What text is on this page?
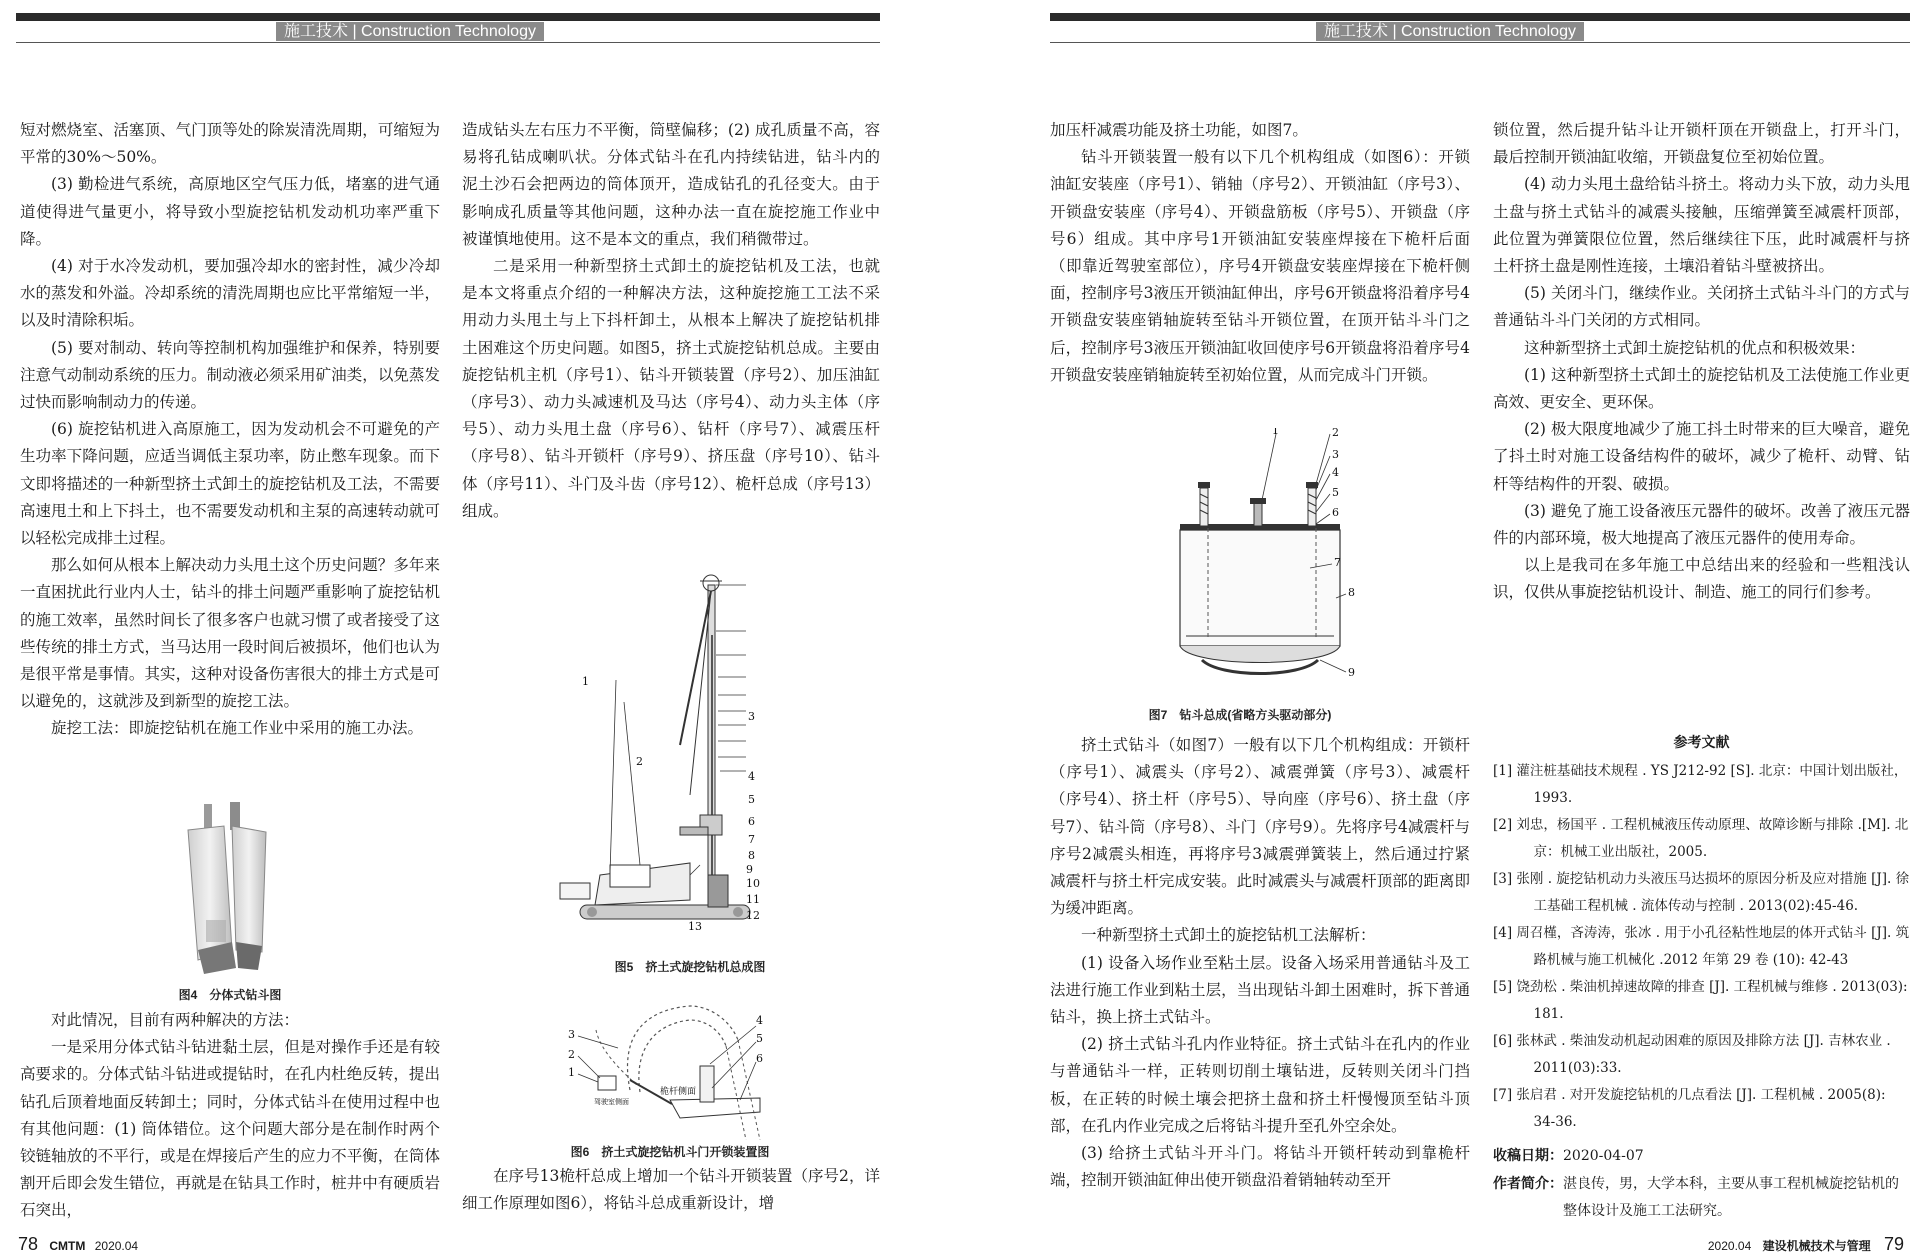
施工技术 | Construction Technology	施工技术 | Construction Technology

短对燃烧室、活塞顶、气门顶等处的除炭清洗周期，可缩短为平常的30%～50%。

(3) 勤检进气系统，高原地区空气压力低，堵塞的进气通道使得进气量更小，将导致小型旋挖钻机发动机功率严重下降。

(4) 对于水冷发动机，要加强冷却水的密封性，减少冷却水的蒸发和外溢。冷却系统的清洗周期也应比平常缩短一半，以及时清除积垢。

(5) 要对制动、转向等控制机构加强维护和保养，特别要注意气动制动系统的压力。制动液必须采用矿油类，以免蒸发过快而影响制动力的传递。

(6) 旋挖钻机进入高原施工，因为发动机会不可避免的产生功率下降问题，应适当调低主泵功率，防止憋车现象。而下文即将描述的一种新型挤土式卸土的旋挖钻机及工法，不需要高速甩土和上下抖土，也不需要发动机和主泵的高速转动就可以轻松完成排土过程。

那么如何从根本上解决动力头甩土这个历史问题？多年来一直困扰此行业内人士，钻斗的排土问题严重影响了旋挖钻机的施工效率，虽然时间长了很多客户也就习惯了或者接受了这些传统的排土方式，当马达用一段时间后被损坏，他们也认为是很平常是事情。其实，这种对设备伤害很大的排土方式是可以避免的，这就涉及到新型的旋挖工法。

旋挖工法：即旋挖钻机在施工作业中采用的施工办法。

图4　分体式钻斗图

对此情况，目前有两种解决的方法：

一是采用分体式钻斗钻进黏土层，但是对操作手还是有较高要求的。分体式钻斗钻进或提钻时，在孔内杜绝反转，提出钻孔后顶着地面反转卸土；同时，分体式钻斗在使用过程中也有其他问题：(1) 筒体错位。这个问题大部分是在制作时两个铰链轴放的不平行，或是在焊接后产生的应力不平衡，在筒体割开后即会发生错位，再就是在钻具工作时，桩井中有硬质岩石突出，

造成钻头左右压力不平衡，筒壁偏移；(2) 成孔质量不高，容易将孔钻成喇叭状。分体式钻斗在孔内持续钻进，钻斗内的泥土沙石会把两边的筒体顶开，造成钻孔的孔径变大。由于影响成孔质量等其他问题，这种办法一直在旋挖施工作业中被谨慎地使用。这不是本文的重点，我们稍微带过。

二是采用一种新型挤土式卸土的旋挖钻机及工法，也就是本文将重点介绍的一种解决方法，这种旋挖施工工法不采用动力头甩土与上下抖杆卸土，从根本上解决了旋挖钻机排土困难这个历史问题。如图5，挤土式旋挖钻机总成。主要由旋挖钻机主机（序号1）、钻斗开锁装置（序号2）、加压油缸（序号3）、动力头减速机及马达（序号4）、动力头主体（序号5）、动力头甩土盘（序号6）、钻杆（序号7）、减震压杆（序号8）、钻斗开锁杆（序号9）、挤压盘（序号10）、钻斗体（序号11）、斗门及斗齿（序号12）、桅杆总成（序号13）组成。

1
2
3
4
5
6
7
8
9
10
11
12
13
图5　挤土式旋挖钻机总成图
3
2
1
4
5
6
桅杆侧面
驾驶室侧面
图6　挤土式旋挖钻机斗门开锁装置图

在序号13桅杆总成上增加一个钻斗开锁装置（序号2，详细工作原理如图6），将钻斗总成重新设计，增

加压杆减震功能及挤土功能，如图7。

钻斗开锁装置一般有以下几个机构组成（如图6）：开锁油缸安装座（序号1）、销轴（序号2）、开锁油缸（序号3）、开锁盘安装座（序号4）、开锁盘筋板（序号5）、开锁盘（序号6）组成。其中序号1开锁油缸安装座焊接在下桅杆后面（即靠近驾驶室部位），序号4开锁盘安装座焊接在下桅杆侧面，控制序号3液压开锁油缸伸出，序号6开锁盘将沿着序号4开锁盘安装座销轴旋转至钻斗开锁位置，在顶开钻斗斗门之后，控制序号3液压开锁油缸收回使序号6开锁盘将沿着序号4开锁盘安装座销轴旋转至初始位置，从而完成斗门开锁。

1	2
3
4
5
6
7
8
9
图7　钻斗总成(省略方头驱动部分)

挤土式钻斗（如图7）一般有以下几个机构组成：开锁杆（序号1）、减震头（序号2）、减震弹簧（序号3）、减震杆（序号4）、挤土杆（序号5）、导向座（序号6）、挤土盘（序号7）、钻斗筒（序号8）、斗门（序号9）。先将序号4减震杆与序号2减震头相连，再将序号3减震弹簧装上，然后通过拧紧减震杆与挤土杆完成安装。此时减震头与减震杆顶部的距离即为缓冲距离。

一种新型挤土式卸土的旋挖钻机工法解析：

(1) 设备入场作业至粘土层。设备入场采用普通钻斗及工法进行施工作业到粘土层，当出现钻斗卸土困难时，拆下普通钻斗，换上挤土式钻斗。

(2) 挤土式钻斗孔内作业特征。挤土式钻斗在孔内的作业与普通钻斗一样，正转则切削土壤钻进，反转则关闭斗门挡板，在正转的时候土壤会把挤土盘和挤土杆慢慢顶至钻斗顶部，在孔内作业完成之后将钻斗提升至孔外空余处。

(3) 给挤土式钻斗开斗门。将钻斗开锁杆转动到靠桅杆端，控制开锁油缸伸出使开锁盘沿着销轴转动至开

锁位置，然后提升钻斗让开锁杆顶在开锁盘上，打开斗门，最后控制开锁油缸收缩，开锁盘复位至初始位置。

(4) 动力头甩土盘给钻斗挤土。将动力头下放，动力头甩土盘与挤土式钻斗的减震头接触，压缩弹簧至减震杆顶部，此位置为弹簧限位位置，然后继续往下压，此时减震杆与挤土杆挤土盘是刚性连接，土壤沿着钻斗壁被挤出。

(5) 关闭斗门，继续作业。关闭挤土式钻斗斗门的方式与普通钻斗斗门关闭的方式相同。

这种新型挤土式卸土旋挖钻机的优点和积极效果：

(1) 这种新型挤土式卸土的旋挖钻机及工法使施工作业更高效、更安全、更环保。

(2) 极大限度地减少了施工抖土时带来的巨大噪音，避免了抖土时对施工设备结构件的破坏，减少了桅杆、动臂、钻杆等结构件的开裂、破损。

(3) 避免了施工设备液压元器件的破坏。改善了液压元器件的内部环境，极大地提高了液压元器件的使用寿命。

以上是我司在多年施工中总结出来的经验和一些粗浅认识，仅供从事旋挖钻机设计、制造、施工的同行们参考。

参考文献
[1] 灌注桩基础技术规程 . YS J212-92 [S]. 北京：中国计划出版社，1993.
[2] 刘忠，杨国平 . 工程机械液压传动原理、故障诊断与排除 .[M]. 北京：机械工业出版社，2005.
[3] 张刚 . 旋挖钻机动力头液压马达损坏的原因分析及应对措施 [J]. 徐工基础工程机械 . 流体传动与控制 . 2013(02):45-46.
[4] 周召槿，吝涛涛，张冰 . 用于小孔径粘性地层的体开式钻斗 [J]. 筑路机械与施工机械化 .2012 年第 29 卷 (10): 42-43
[5] 饶劲松 . 柴油机掉速故障的排查 [J]. 工程机械与维修 . 2013(03): 181.
[6] 张林武 . 柴油发动机起动困难的原因及排除方法 [J]. 吉林农业 . 2011(03):33.
[7] 张启君 . 对开发旋挖钻机的几点看法 [J]. 工程机械 . 2005(8): 34-36.
收稿日期：2020-04-07
作者简介：湛良传，男，大学本科，主要从事工程机械旋挖钻机的整体设计及施工工法研究。
78 CMTM 2020.04	2020.04 建设机械技术与管理 79
